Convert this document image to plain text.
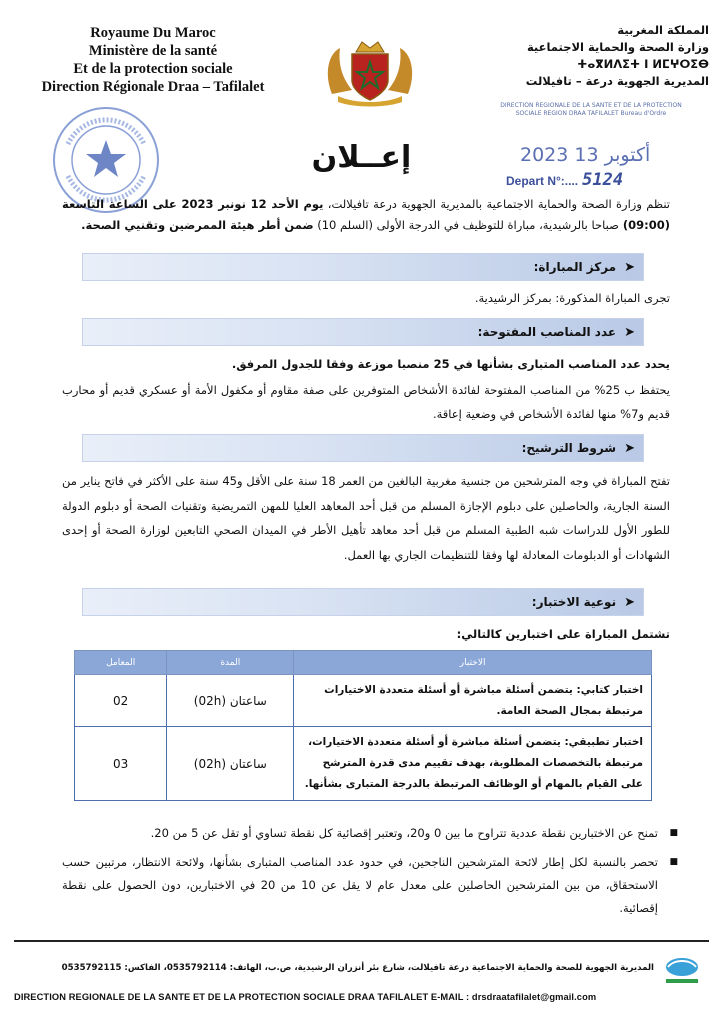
Royaume Du Maroc
Ministère de la santé
Et de la protection sociale
Direction Régionale Draa – Tafilalet
المملكة المغربية
وزارة الصحة والحماية الاجتماعية
ⵜⴰⴳⵍⴷⵉⵜ ⵏ ⵍⵎⵖⵔⵉⴱ
المديرية الجهوية درعة – تافيلالت
DIRECTION REGIONALE DE LA SANTE ET DE LA PROTECTION SOCIALE REGION DRAA TAFILALET Bureau d'Ordre
إعــلان	2023 أكتوبر 13
Depart N°:.... 5124

تنظم وزارة الصحة والحماية الاجتماعية بالمديرية الجهوية درعة تافيلالت، يوم الأحد 12 نونبر 2023 على الساعة التاسعة (09:00) صباحا بالرشيدية، مباراة للتوظيف في الدرجة الأولى (السلم 10) ضمن أطر هيئة الممرضين وتقنيي الصحة.

➤
مركز المباراة:

تجرى المباراة المذكورة: بمركز الرشيدية.

➤
عدد المناصب المفتوحة:

يحدد عدد المناصب المتبارى بشأنها في 25 منصبا موزعة وفقا للجدول المرفق.

يحتفظ ب 25% من المناصب المفتوحة لفائدة الأشخاص المتوفرين على صفة مقاوم أو مكفول الأمة أو عسكري قديم أو محارب قديم و7% منها لفائدة الأشخاص في وضعية إعاقة.

➤
شروط الترشيح:

تفتح المباراة في وجه المترشحين من جنسية مغربية البالغين من العمر 18 سنة على الأقل و45 سنة على الأكثر في فاتح يناير من السنة الجارية، والحاصلين على دبلوم الإجازة المسلم من قبل أحد المعاهد العليا للمهن التمريضية وتقنيات الصحة أو دبلوم الدولة للطور الأول للدراسات شبه الطبية المسلم من قبل أحد معاهد تأهيل الأطر في الميدان الصحي التابعين لوزارة الصحة أو إحدى الشهادات أو الدبلومات المعادلة لها وفقا للتنظيمات الجاري بها العمل.

➤
نوعية الاختبار:

تشتمل المباراة على اختبارين كالتالي:

الاختبار	المدة	المعامل
اختبار كتابي: يتضمن أسئلة مباشرة أو أسئلة متعددة الاختيارات مرتبطة بمجال الصحة العامة.	ساعتان (02h)	02
اختبار تطبيقي: يتضمن أسئلة مباشرة أو أسئلة متعددة الاختيارات، مرتبطة بالتخصصات المطلوبة، بهدف تقييم مدى قدرة المترشح على القيام بالمهام أو الوظائف المرتبطة بالدرجة المتبارى بشأنها.	ساعتان (02h)	03
■ تمنح عن الاختبارين نقطة عددية تتراوح ما بين 0 و20، وتعتبر إقصائية كل نقطة تساوي أو تقل عن 5 من 20.
■ تحصر بالنسبة لكل إطار لائحة المترشحين الناجحين، في حدود عدد المناصب المتبارى بشأنها، ولائحة الانتظار، مرتبين حسب الاستحقاق، من بين المترشحين الحاصلين على معدل عام لا يقل عن 10 من 20 في الاختبارين، دون الحصول على نقطة إقصائية.
المديرية الجهوية للصحة والحماية الاجتماعية درعة تافيلالت، شارع بئر أنزران الرشيدية، ص.ب، الهاتف: 0535792114، الفاكس: 0535792115
DIRECTION REGIONALE DE LA SANTE ET DE LA PROTECTION SOCIALE DRAA TAFILALET E-MAIL : drsdraatafilalet@gmail.com
